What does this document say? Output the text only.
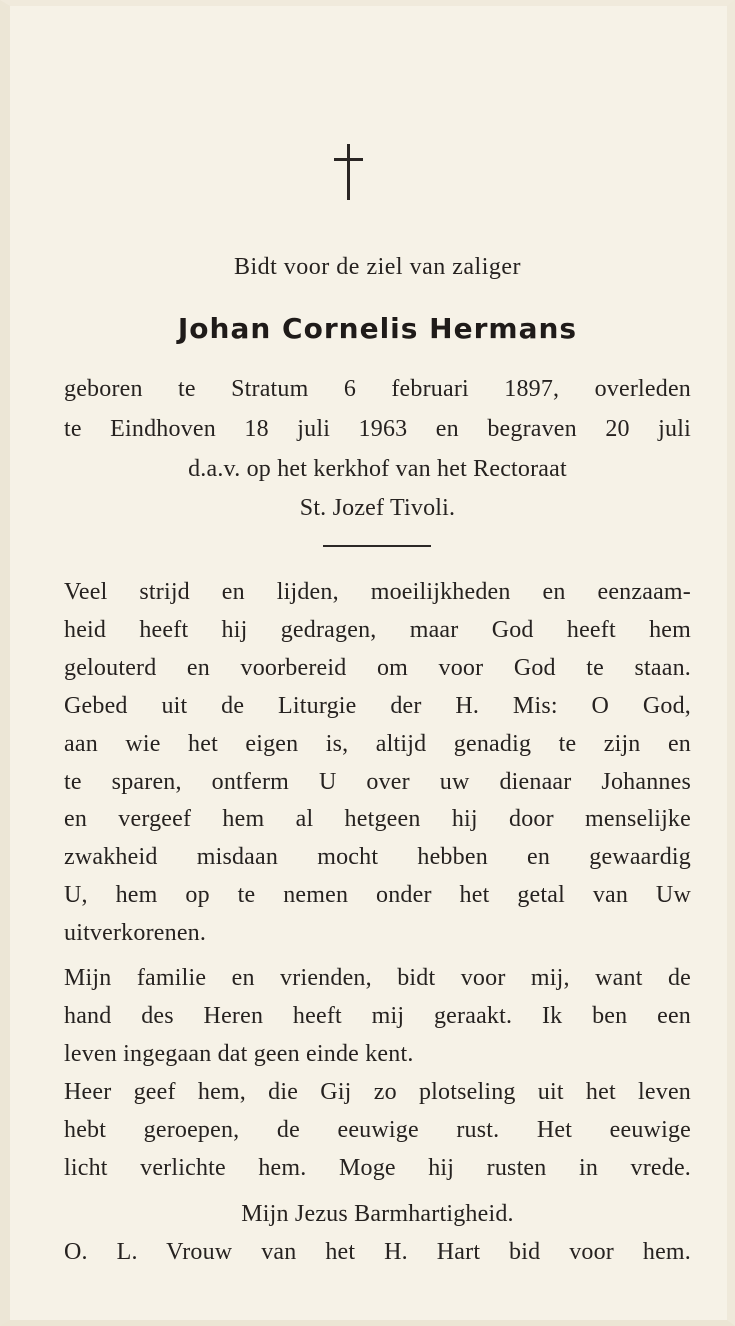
Bidt voor de ziel van zaliger
Johan Cornelis Hermans
geboren te Stratum 6 februari 1897, overleden
te Eindhoven 18 juli 1963 en begraven 20 juli
d.a.v. op het kerkhof van het Rectoraat
St. Jozef Tivoli.
Veel strijd en lijden, moeilijkheden en eenzaam-
heid heeft hij gedragen, maar God heeft hem
gelouterd en voorbereid om voor God te staan.
Gebed uit de Liturgie der H. Mis: O God,
aan wie het eigen is, altijd genadig te zijn en
te sparen, ontferm U over uw dienaar Johannes
en vergeef hem al hetgeen hij door menselijke
zwakheid misdaan mocht hebben en gewaardig
U, hem op te nemen onder het getal van Uw
uitverkorenen.
Mijn familie en vrienden, bidt voor mij, want de
hand des Heren heeft mij geraakt. Ik ben een
leven ingegaan dat geen einde kent.
Heer geef hem, die Gij zo plotseling uit het leven
hebt geroepen, de eeuwige rust. Het eeuwige
licht verlichte hem. Moge hij rusten in vrede.
Mijn Jezus Barmhartigheid.
O. L. Vrouw van het H. Hart bid voor hem.
